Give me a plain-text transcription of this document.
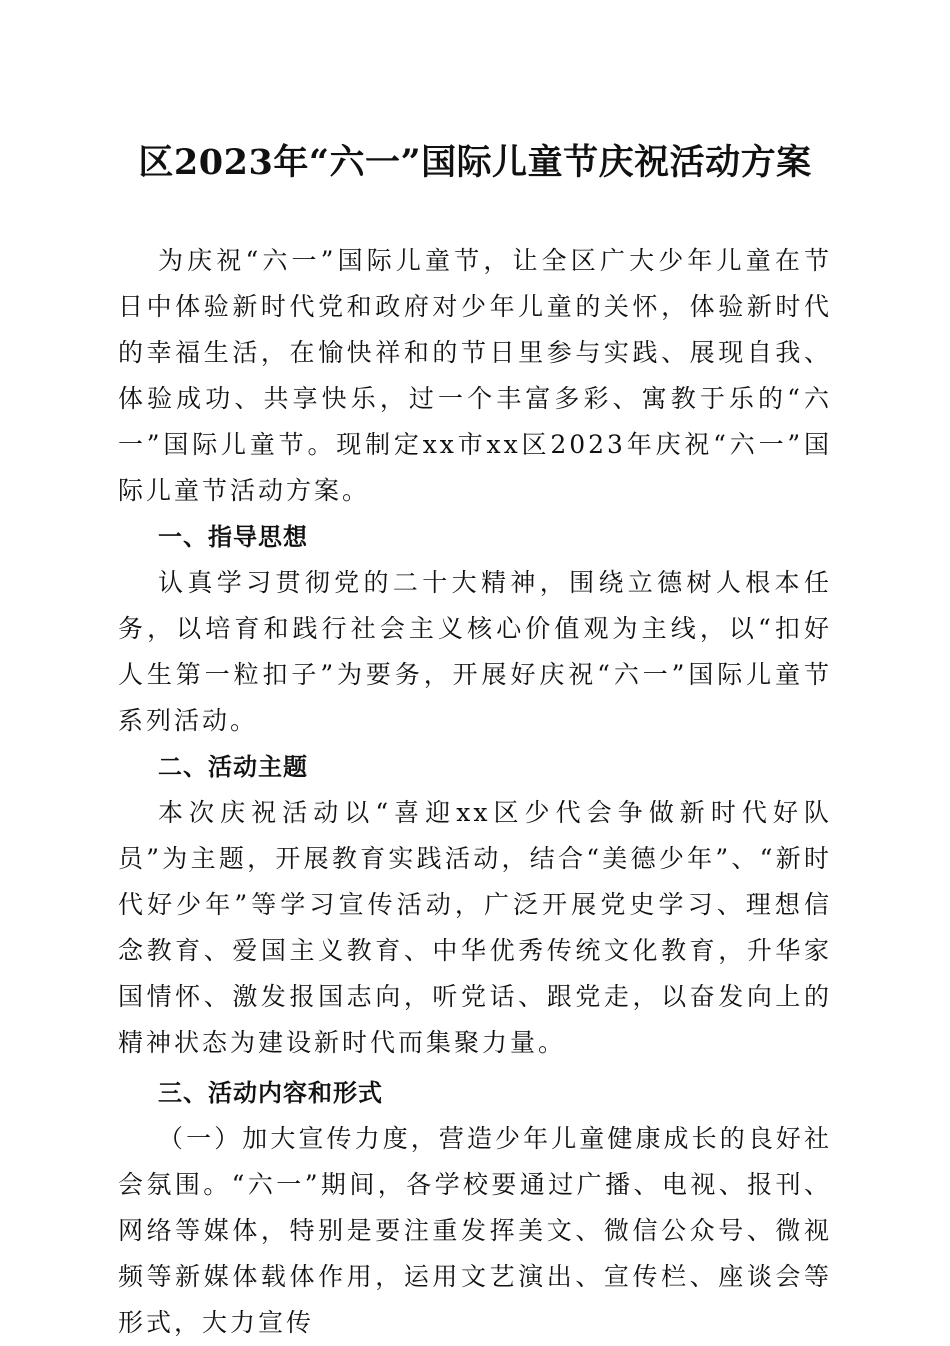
区2023年“六一”国际儿童节庆祝活动方案

为庆祝“六一”国际儿童节，让全区广大少年儿童在节日中体验新时代党和政府对少年儿童的关怀，体验新时代的幸福生活，在愉快祥和的节日里参与实践、展现自我、体验成功、共享快乐，过一个丰富多彩、寓教于乐的“六一”国际儿童节。现制定xx市xx区2023年庆祝“六一”国际儿童节活动方案。

一、指导思想

认真学习贯彻党的二十大精神，围绕立德树人根本任务，以培育和践行社会主义核心价值观为主线，以“扣好人生第一粒扣子”为要务，开展好庆祝“六一”国际儿童节系列活动。

二、活动主题

本次庆祝活动以“喜迎xx区少代会争做新时代好队员”为主题，开展教育实践活动，结合“美德少年”、“新时代好少年”等学习宣传活动，广泛开展党史学习、理想信念教育、爱国主义教育、中华优秀传统文化教育，升华家国情怀、激发报国志向，听党话、跟党走，以奋发向上的精神状态为建设新时代而集聚力量。

三、活动内容和形式

（一）加大宣传力度，营造少年儿童健康成长的良好社会氛围。“六一”期间，各学校要通过广播、电视、报刊、网络等媒体，特别是要注重发挥美文、微信公众号、微视频等新媒体载体作用，运用文艺演出、宣传栏、座谈会等形式，大力宣传
